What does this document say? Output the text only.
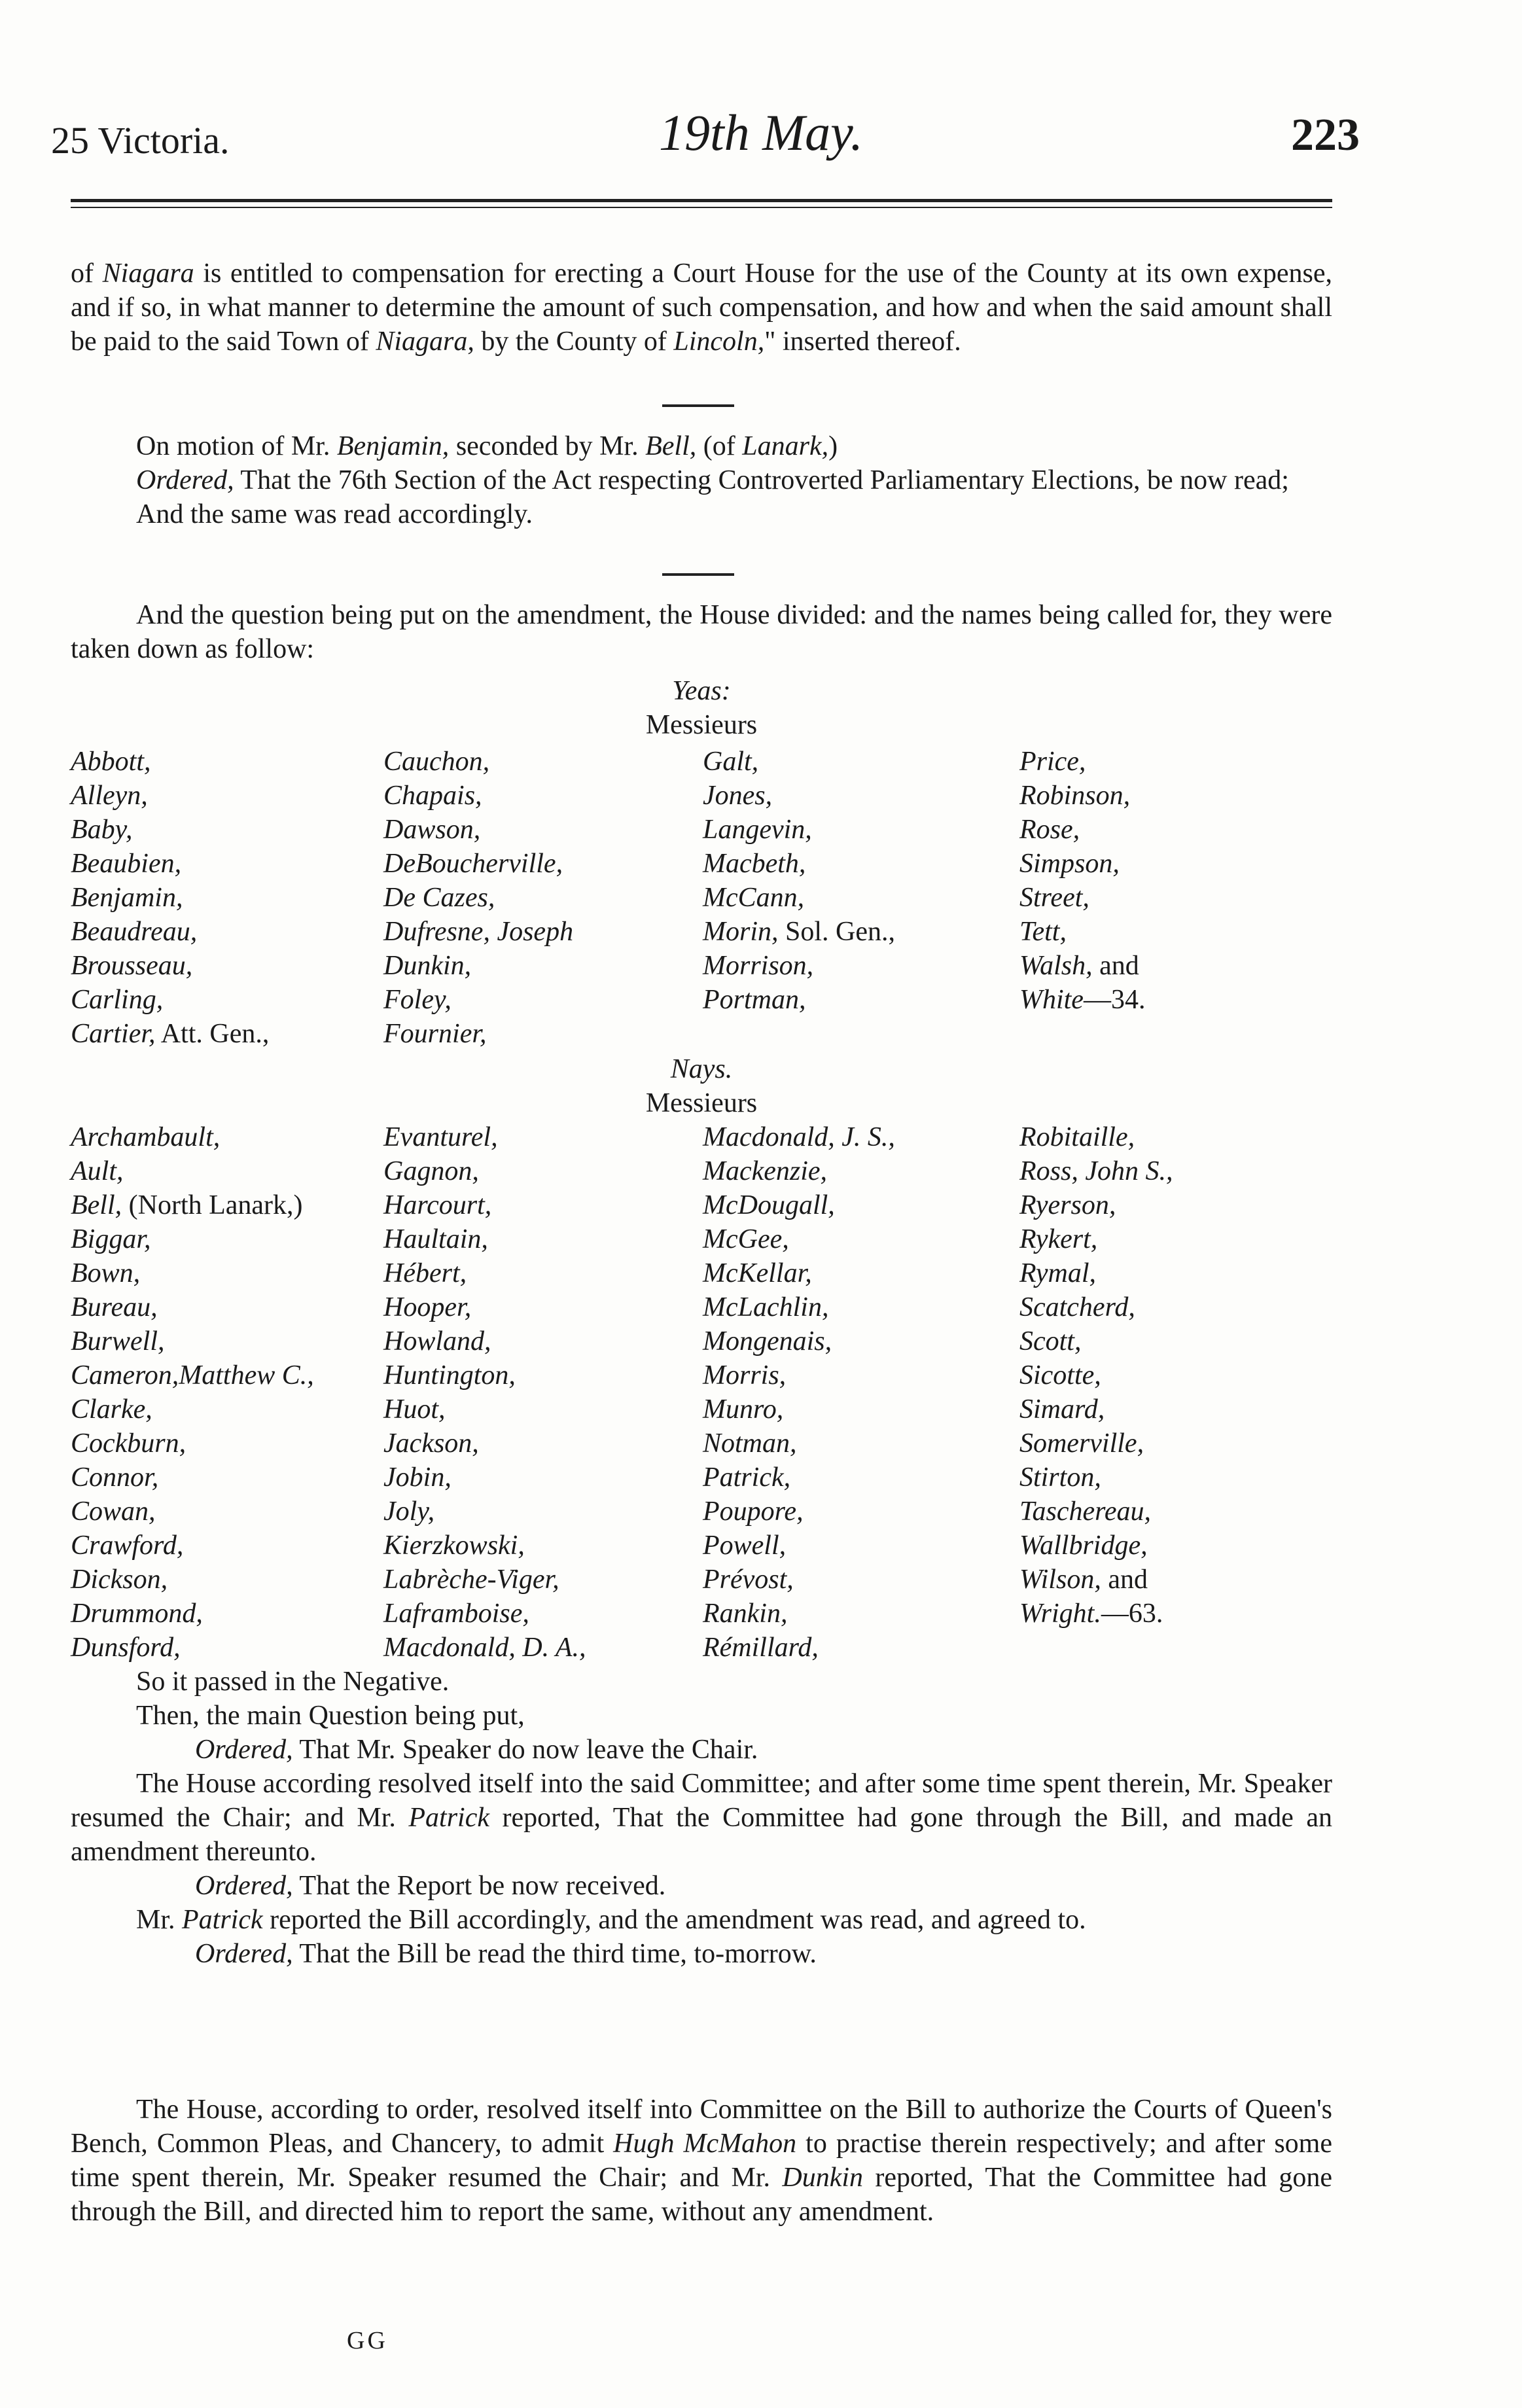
25 Victoria.	19th May.	223

of Niagara is entitled to compensation for erecting a Court House for the use of the County at its own expense, and if so, in what manner to determine the amount of such compensation, and how and when the said amount shall be paid to the said Town of Niagara, by the County of Lincoln," inserted thereof.

On motion of Mr. Benjamin, seconded by Mr. Bell, (of Lanark,)

Ordered, That the 76th Section of the Act respecting Controverted Parliamentary Elections, be now read;

And the same was read accordingly.

And the question being put on the amendment, the House divided: and the names being called for, they were taken down as follow:

Yeas:
Messieurs
Abbott,	Cauchon,	Galt,	Price,
Alleyn,	Chapais,	Jones,	Robinson,
Baby,	Dawson,	Langevin,	Rose,
Beaubien,	DeBoucherville,	Macbeth,	Simpson,
Benjamin,	De Cazes,	McCann,	Street,
Beaudreau,	Dufresne, Joseph	Morin, Sol. Gen.,	Tett,
Brousseau,	Dunkin,	Morrison,	Walsh, and
Carling,	Foley,	Portman,	White—34.
Cartier, Att. Gen.,	Fournier,
Nays.
Messieurs
Archambault,	Evanturel,	Macdonald, J. S.,	Robitaille,
Ault,	Gagnon,	Mackenzie,	Ross, John S.,
Bell, (North Lanark,)	Harcourt,	McDougall,	Ryerson,
Biggar,	Haultain,	McGee,	Rykert,
Bown,	Hébert,	McKellar,	Rymal,
Bureau,	Hooper,	McLachlin,	Scatcherd,
Burwell,	Howland,	Mongenais,	Scott,
Cameron,Matthew C.,	Huntington,	Morris,	Sicotte,
Clarke,	Huot,	Munro,	Simard,
Cockburn,	Jackson,	Notman,	Somerville,
Connor,	Jobin,	Patrick,	Stirton,
Cowan,	Joly,	Poupore,	Taschereau,
Crawford,	Kierzkowski,	Powell,	Wallbridge,
Dickson,	Labrèche-Viger,	Prévost,	Wilson, and
Drummond,	Laframboise,	Rankin,	Wright.—63.
Dunsford,	Macdonald, D. A.,	Rémillard,

So it passed in the Negative.

Then, the main Question being put,

Ordered, That Mr. Speaker do now leave the Chair.

The House according resolved itself into the said Committee; and after some time spent therein, Mr. Speaker resumed the Chair; and Mr. Patrick reported, That the Committee had gone through the Bill, and made an amendment thereunto.

Ordered, That the Report be now received.

Mr. Patrick reported the Bill accordingly, and the amendment was read, and agreed to.

Ordered, That the Bill be read the third time, to-morrow.

The House, according to order, resolved itself into Committee on the Bill to authorize the Courts of Queen's Bench, Common Pleas, and Chancery, to admit Hugh McMahon to practise therein respectively; and after some time spent therein, Mr. Speaker resumed the Chair; and Mr. Dunkin reported, That the Committee had gone through the Bill, and directed him to report the same, without any amendment.

GG
